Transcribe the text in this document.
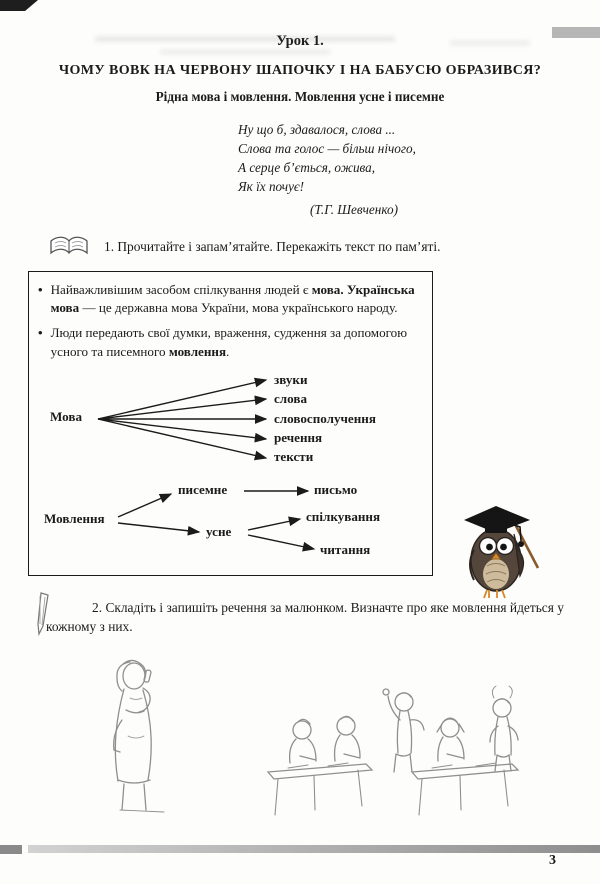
Урок 1.
ЧОМУ ВОВК НА ЧЕРВОНУ ШАПОЧКУ І НА БАБУСЮ ОБРАЗИВСЯ?
Рідна мова і мовлення. Мовлення усне і писемне
Ну що б, здавалося, слова ...
Слова та голос — більш нічого,
А серце б’ється, ожива,
Як їх почує!
(Т.Г. Шевченко)
1. Прочитайте і запам’ятайте. Перекажіть текст по пам’яті.
• Найважливішим засобом спілкування людей є мова. Українська мова — це державна мова України, мова українського народу.

• Люди передають свої думки, враження, судження за допомогою усного та писемного мовлення.

Мова
звуки
слова
словосполучення
речення
тексти
Мовлення
писемне
усне
письмо
спілкування
читання
2. Складіть і запишіть речення за малюнком. Визначте про яке мовлення йдеться у кожному з них.
3
